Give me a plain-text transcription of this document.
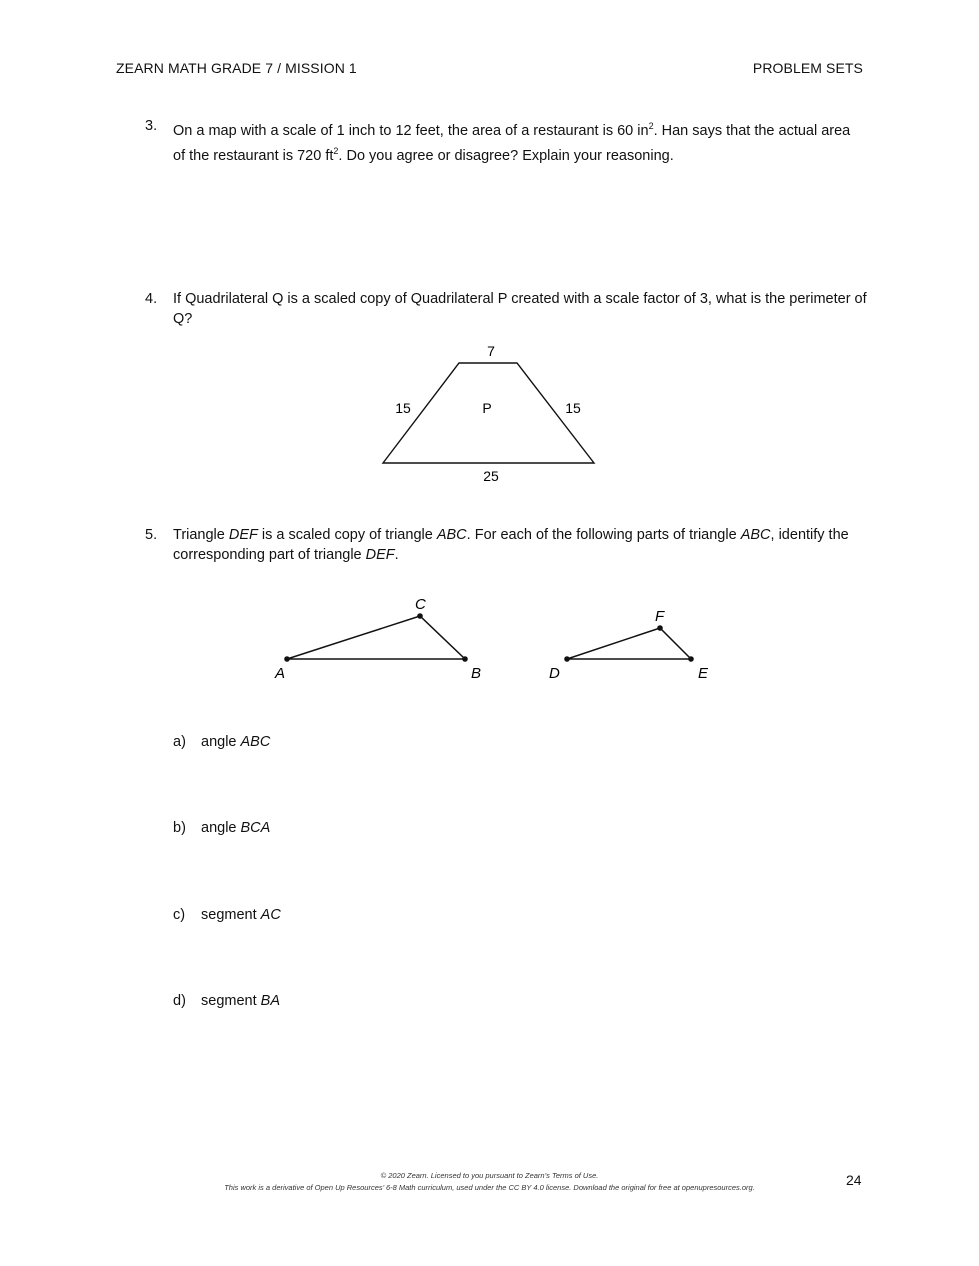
ZEARN MATH GRADE 7 / MISSION 1	PROBLEM SETS
3. On a map with a scale of 1 inch to 12 feet, the area of a restaurant is 60 $in^2$. Han says that the actual area
of the restaurant is 720 $ft^2$. Do you agree or disagree? Explain your reasoning.
4. If Quadrilateral Q is a scaled copy of Quadrilateral P created with a scale factor of 3, what is the perimeter of Q?
7
15	P	15
25
5. Triangle DEF is a scaled copy of triangle ABC. For each of the following parts of triangle ABC, identify the corresponding part of triangle DEF.
A
C
B	D
F
E
a) angle ABC
b) angle BCA
c) segment AC
d) segment BA
© 2020 Zearn. Licensed to you pursuant to Zearn’s Terms of Use.
This work is a derivative of Open Up Resources’ 6-8 Math curriculum, used under the CC BY 4.0 license. Download the original for free at openupresources.org.	24
